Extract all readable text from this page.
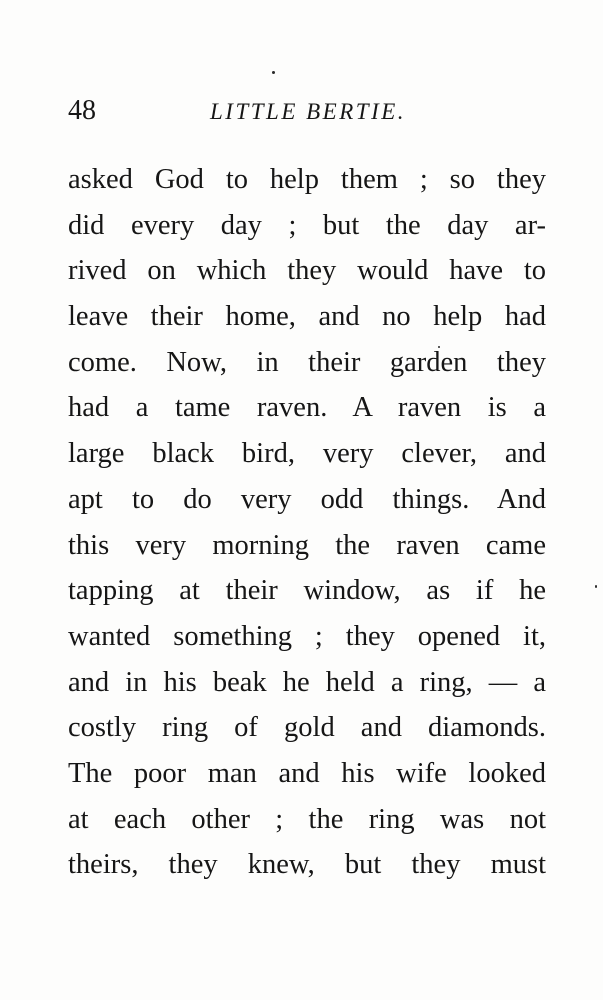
48	LITTLE BERTIE.
asked God to help them ; so they
did every day ; but the day ar-
rived on which they would have to
leave their home, and no help had
come. Now, in their garden they
had a tame raven. A raven is a
large black bird, very clever, and
apt to do very odd things. And
this very morning the raven came
tapping at their window, as if he
wanted something ; they opened it,
and in his beak he held a ring, — a
costly ring of gold and diamonds.
The poor man and his wife looked
at each other ; the ring was not
theirs, they knew, but they must
